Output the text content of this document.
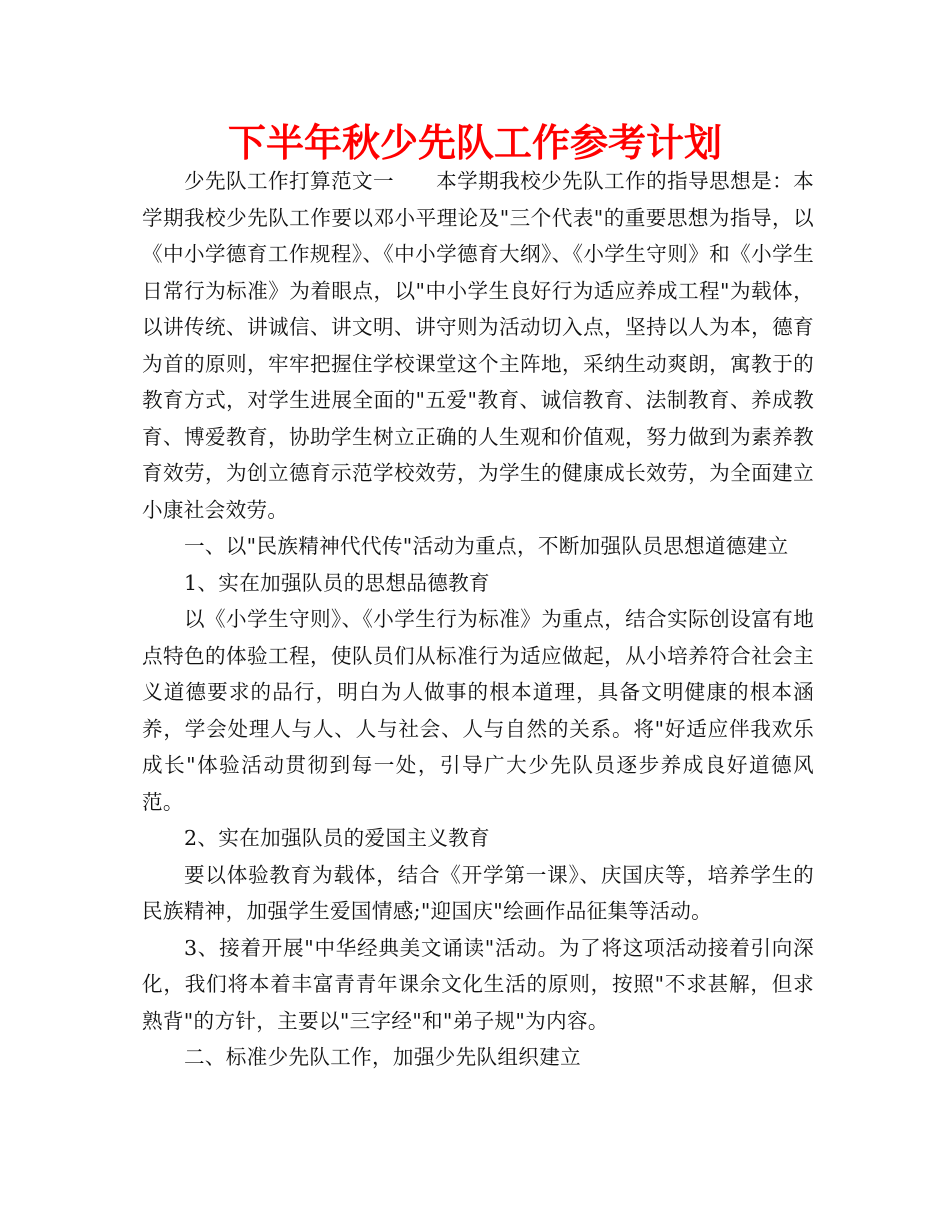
下半年秋少先队工作参考计划

少先队工作打算范文一 本学期我校少先队工作的指导思想是：本学期我校少先队工作要以邓小平理论及"三个代表"的重要思想为指导，以《中小学德育工作规程》、《中小学德育大纲》、《小学生守则》和《小学生日常行为标准》为着眼点，以"中小学生良好行为适应养成工程"为载体，以讲传统、讲诚信、讲文明、讲守则为活动切入点，坚持以人为本，德育为首的原则，牢牢把握住学校课堂这个主阵地，采纳生动爽朗，寓教于的教育方式，对学生进展全面的"五爱"教育、诚信教育、法制教育、养成教育、博爱教育，协助学生树立正确的人生观和价值观，努力做到为素养教育效劳，为创立德育示范学校效劳，为学生的健康成长效劳，为全面建立小康社会效劳。

一、以"民族精神代代传"活动为重点，不断加强队员思想道德建立

1、实在加强队员的思想品德教育

以《小学生守则》、《小学生行为标准》为重点，结合实际创设富有地点特色的体验工程，使队员们从标准行为适应做起，从小培养符合社会主义道德要求的品行，明白为人做事的根本道理，具备文明健康的根本涵养，学会处理人与人、人与社会、人与自然的关系。将"好适应伴我欢乐成长"体验活动贯彻到每一处，引导广大少先队员逐步养成良好道德风范。

2、实在加强队员的爱国主义教育

要以体验教育为载体，结合《开学第一课》、庆国庆等，培养学生的民族精神，加强学生爱国情感;"迎国庆"绘画作品征集等活动。

3、接着开展"中华经典美文诵读"活动。为了将这项活动接着引向深化，我们将本着丰富青青年课余文化生活的原则，按照"不求甚解，但求熟背"的方针，主要以"三字经"和"弟子规"为内容。

二、标准少先队工作，加强少先队组织建立
